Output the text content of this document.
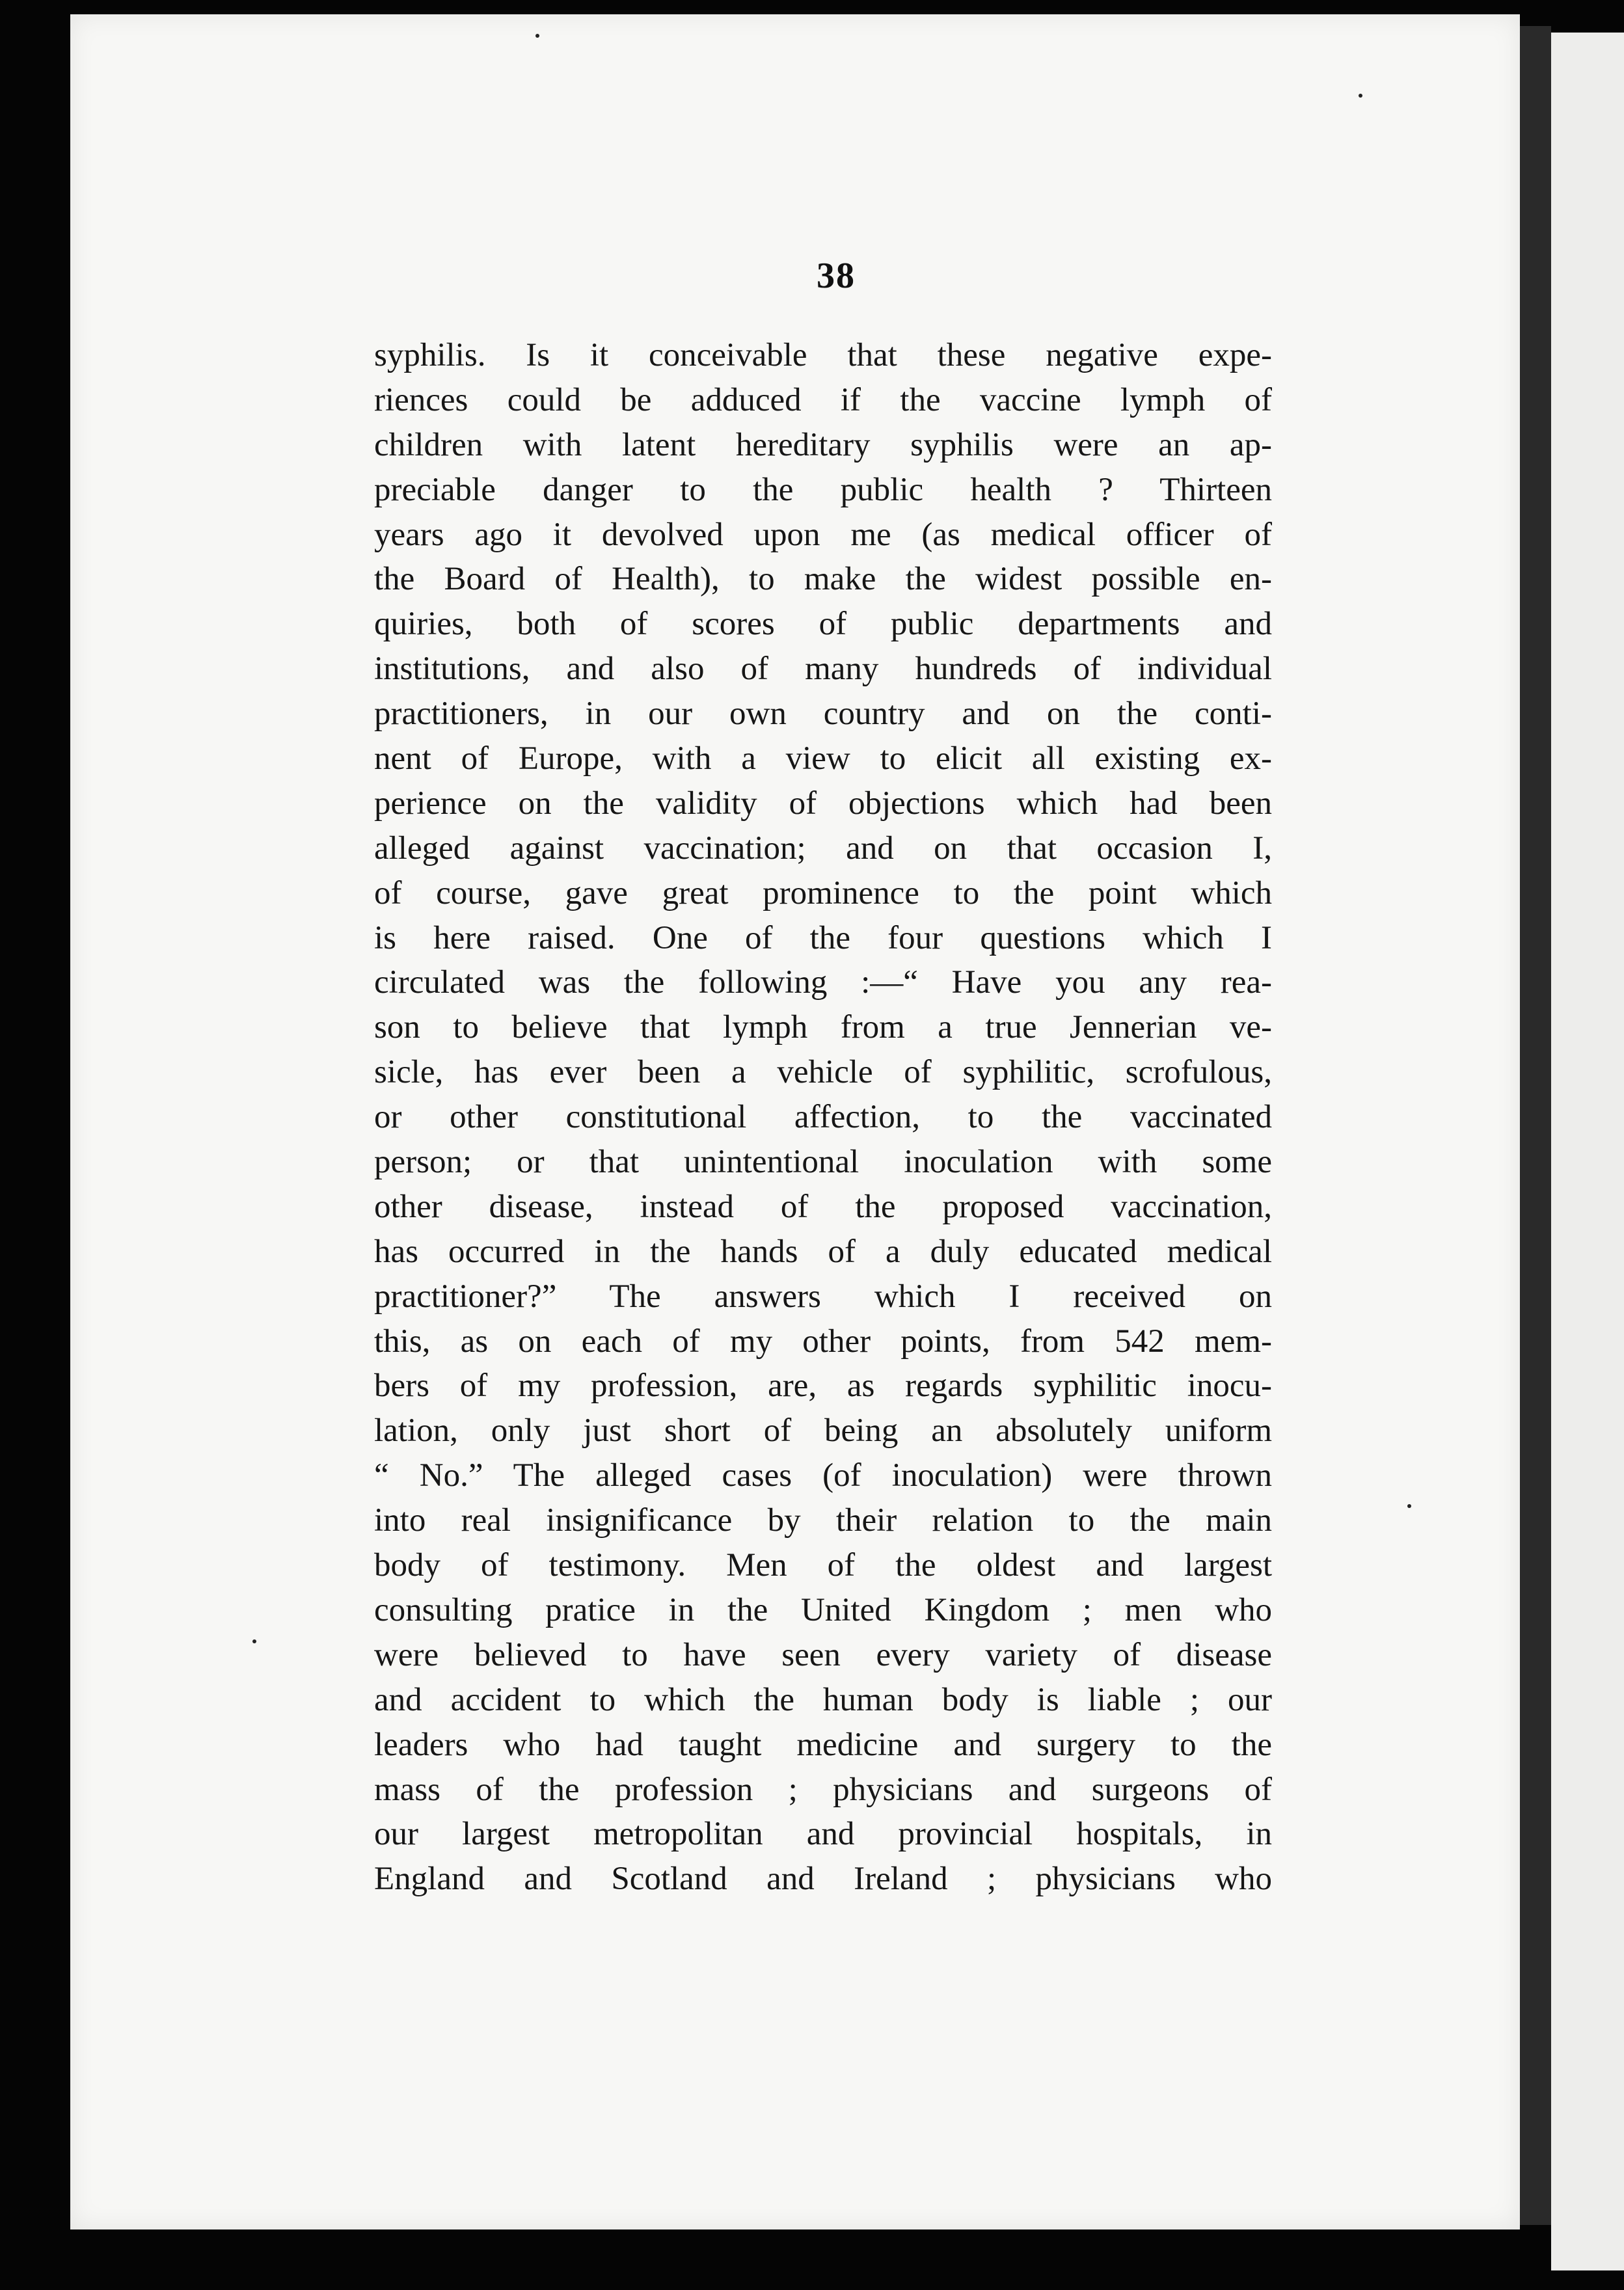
38
syphilis. Is it conceivable that these negative expe-
riences could be adduced if the vaccine lymph of
children with latent hereditary syphilis were an ap-
preciable danger to the public health ? Thirteen
years ago it devolved upon me (as medical officer of
the Board of Health), to make the widest possible en-
quiries, both of scores of public departments and
institutions, and also of many hundreds of individual
practitioners, in our own country and on the conti-
nent of Europe, with a view to elicit all existing ex-
perience on the validity of objections which had been
alleged against vaccination; and on that occasion I,
of course, gave great prominence to the point which
is here raised. One of the four questions which I
circulated was the following :—“ Have you any rea-
son to believe that lymph from a true Jennerian ve-
sicle, has ever been a vehicle of syphilitic, scrofulous,
or other constitutional affection, to the vaccinated
person; or that unintentional inoculation with some
other disease, instead of the proposed vaccination,
has occurred in the hands of a duly educated medical
practitioner?” The answers which I received on
this, as on each of my other points, from 542 mem-
bers of my profession, are, as regards syphilitic inocu-
lation, only just short of being an absolutely uniform
“ No.” The alleged cases (of inoculation) were thrown
into real insignificance by their relation to the main
body of testimony. Men of the oldest and largest
consulting pratice in the United Kingdom ; men who
were believed to have seen every variety of disease
and accident to which the human body is liable ; our
leaders who had taught medicine and surgery to the
mass of the profession ; physicians and surgeons of
our largest metropolitan and provincial hospitals, in
England and Scotland and Ireland ; physicians who
